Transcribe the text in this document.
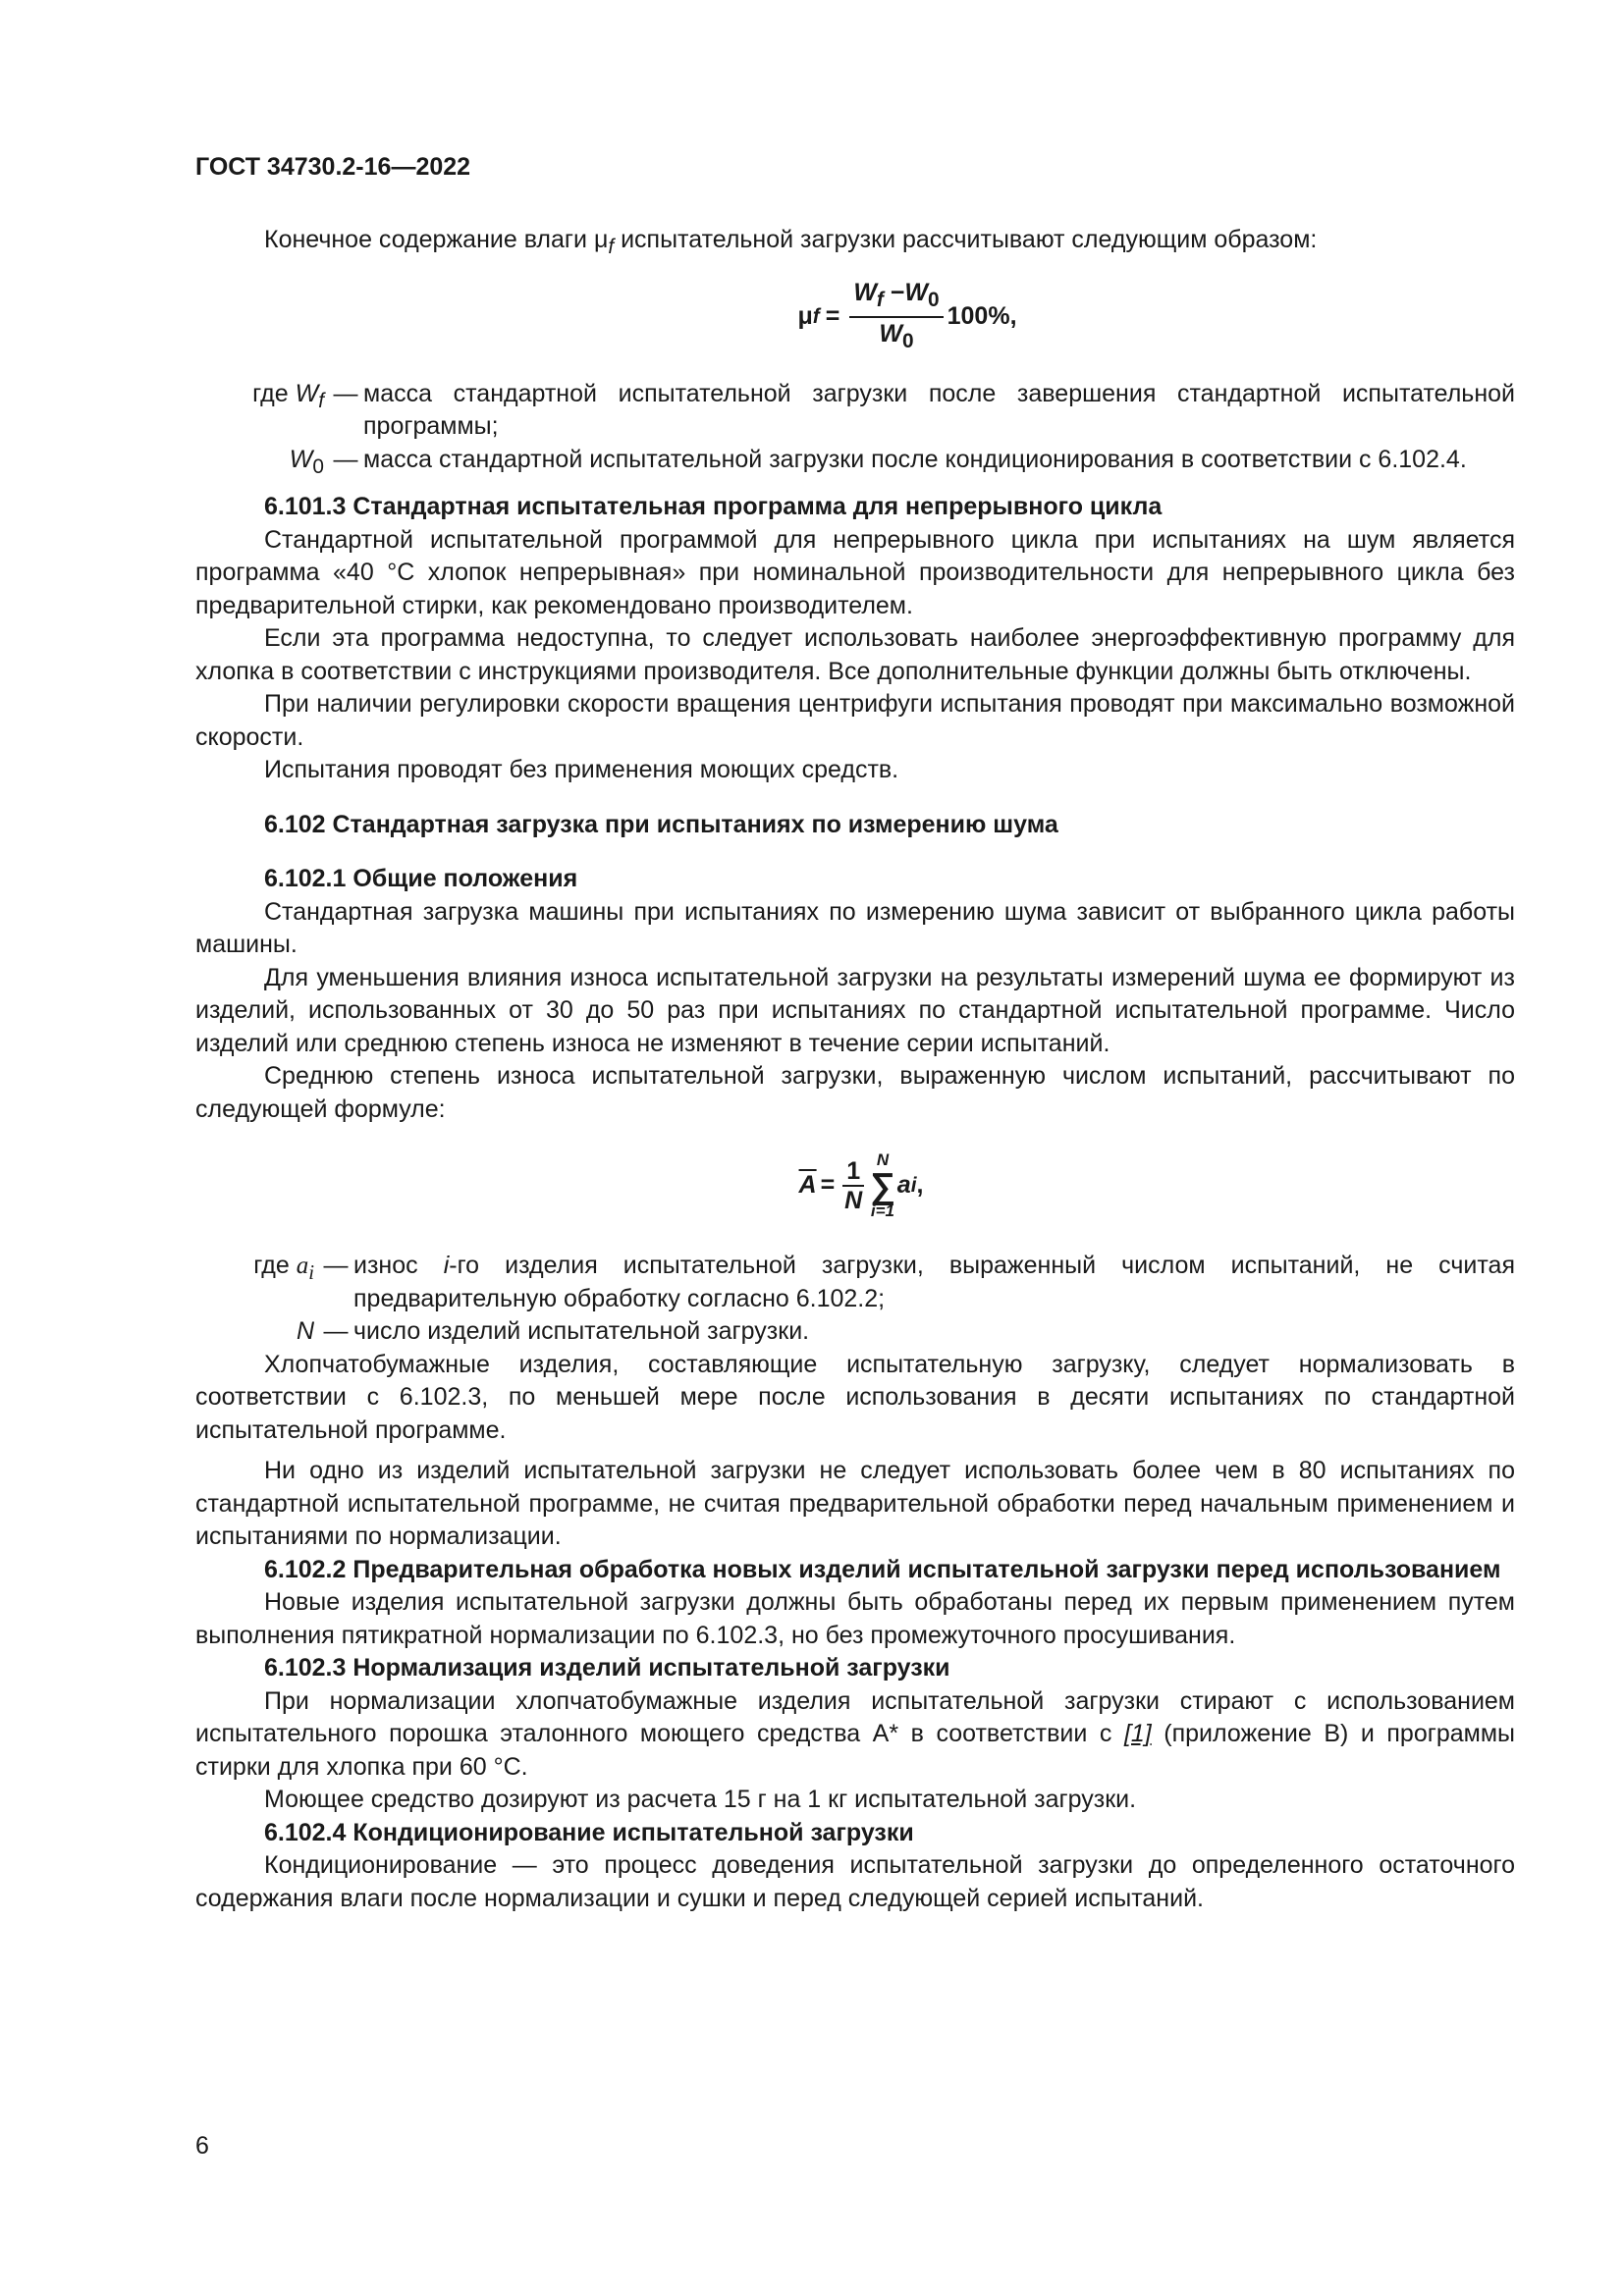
ГОСТ 34730.2-16—2022

Конечное содержание влаги $\mu_f$ испытательной загрузки рассчитывают следующим образом:

μ $f = \frac{W_f -W_0}{W_0} 100\%$,
где $W_f$ — масса стандартной испытательной загрузки после завершения стандартной испытательной программы;
$W_0$ — масса стандартной испытательной загрузки после кондиционирования в соответствии с 6.102.4.

6.101.3 Стандартная испытательная программа для непрерывного цикла

Стандартной испытательной программой для непрерывного цикла при испытаниях на шум является программа «40 °С хлопок непрерывная» при номинальной производительности для непрерывного цикла без предварительной стирки, как рекомендовано производителем.

Если эта программа недоступна, то следует использовать наиболее энергоэффективную программу для хлопка в соответствии с инструкциями производителя. Все дополнительные функции должны быть отключены.

При наличии регулировки скорости вращения центрифуги испытания проводят при максимально возможной скорости.

Испытания проводят без применения моющих средств.

6.102 Стандартная загрузка при испытаниях по измерению шума

6.102.1 Общие положения

Стандартная загрузка машины при испытаниях по измерению шума зависит от выбранного цикла работы машины.

Для уменьшения влияния износа испытательной загрузки на результаты измерений шума ее формируют из изделий, использованных от 30 до 50 раз при испытаниях по стандартной испытательной программе. Число изделий или среднюю степень износа не изменяют в течение серии испытаний.

Среднюю степень износа испытательной загрузки, выраженную числом испытаний, рассчитывают по следующей формуле:

$\overline{A} = \frac{1}{N}$ N
∑
i=1
a i ,
где $a_i$ — износ i-го изделия испытательной загрузки, выраженный числом испытаний, не считая предварительную обработку согласно 6.102.2;
N — число изделий испытательной загрузки.

Хлопчатобумажные изделия, составляющие испытательную загрузку, следует нормализовать в соответствии с 6.102.3, по меньшей мере после использования в десяти испытаниях по стандартной испытательной программе.

Ни одно из изделий испытательной загрузки не следует использовать более чем в 80 испытаниях по стандартной испытательной программе, не считая предварительной обработки перед начальным применением и испытаниями по нормализации.

6.102.2 Предварительная обработка новых изделий испытательной загрузки перед использованием

Новые изделия испытательной загрузки должны быть обработаны перед их первым применением путем выполнения пятикратной нормализации по 6.102.3, но без промежуточного просушивания.

6.102.3 Нормализация изделий испытательной загрузки

При нормализации хлопчатобумажные изделия испытательной загрузки стирают с использованием испытательного порошка эталонного моющего средства А* в соответствии с [1] (приложение В) и программы стирки для хлопка при 60 °С.

Моющее средство дозируют из расчета 15 г на 1 кг испытательной загрузки.

6.102.4 Кондиционирование испытательной загрузки

Кондиционирование — это процесс доведения испытательной загрузки до определенного остаточного содержания влаги после нормализации и сушки и перед следующей серией испытаний.

6
